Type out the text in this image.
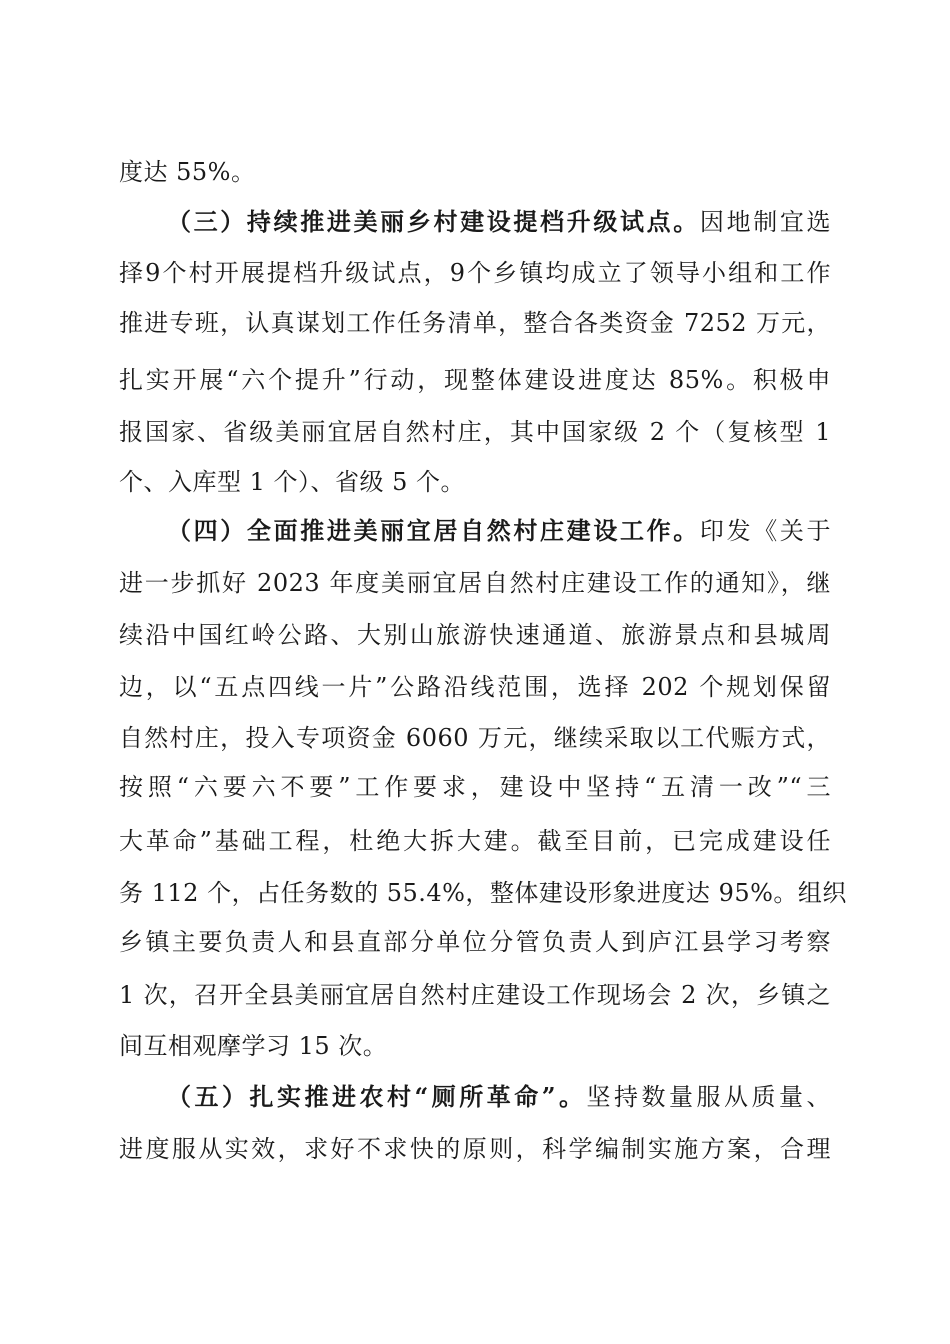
度达 55%。
（三）持续推进美丽乡村建设提档升级试点。因地制宜选
择9个村开展提档升级试点，9个乡镇均成立了领导小组和工作
推进专班，认真谋划工作任务清单，整合各类资金 7252 万元，
扎实开展“六个提升”行动，现整体建设进度达 85%。积极申
报国家、省级美丽宜居自然村庄，其中国家级 2 个（复核型 1
个、入库型 1 个）、省级 5 个。
（四）全面推进美丽宜居自然村庄建设工作。印发《关于
进一步抓好 2023 年度美丽宜居自然村庄建设工作的通知》，继
续沿中国红岭公路、大别山旅游快速通道、旅游景点和县城周
边，以“五点四线一片”公路沿线范围，选择 202 个规划保留
自然村庄，投入专项资金 6060 万元，继续采取以工代赈方式，
按照“六要六不要”工作要求，建设中坚持“五清一改”“三
大革命”基础工程，杜绝大拆大建。截至目前，已完成建设任
务 112 个，占任务数的 55.4%，整体建设形象进度达 95%。组织
乡镇主要负责人和县直部分单位分管负责人到庐江县学习考察
1 次，召开全县美丽宜居自然村庄建设工作现场会 2 次，乡镇之
间互相观摩学习 15 次。
（五）扎实推进农村“厕所革命”。坚持数量服从质量、
进度服从实效，求好不求快的原则，科学编制实施方案，合理
